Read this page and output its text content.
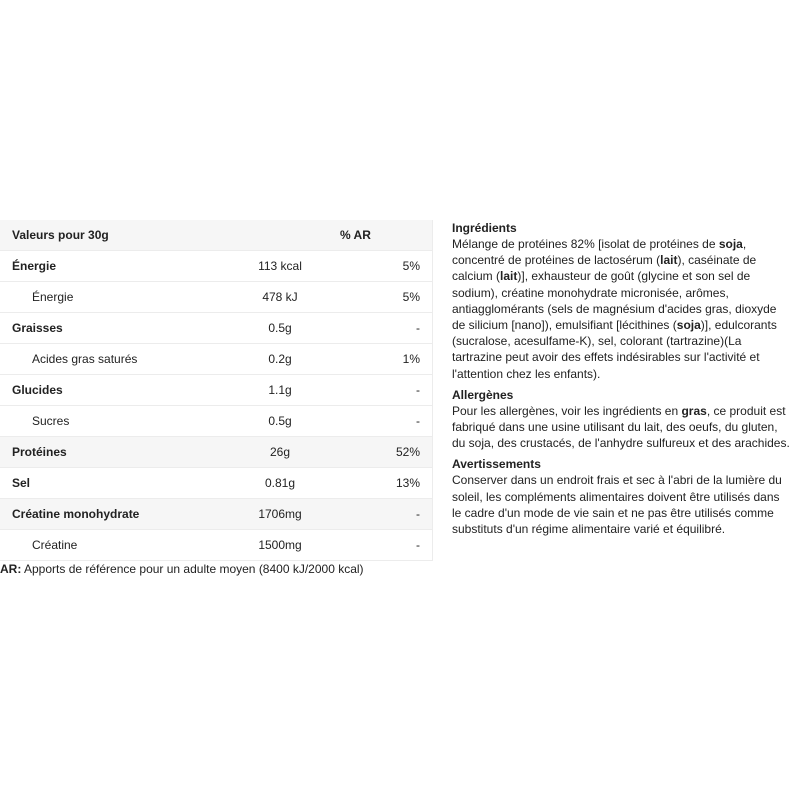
Valeurs pour 30g		% AR
Énergie	113 kcal	5%
Énergie	478 kJ	5%
Graisses	0.5g	-
Acides gras saturés	0.2g	1%
Glucides	1.1g	-
Sucres	0.5g	-
Protéines	26g	52%
Sel	0.81g	13%
Créatine monohydrate	1706mg	-
Créatine	1500mg	-
AR: Apports de référence pour un adulte moyen (8400 kJ/2000 kcal)
Ingrédients

Mélange de protéines 82% [isolat de protéines de soja, concentré de protéines de lactosérum (lait), caséinate de calcium (lait)], exhausteur de goût (glycine et son sel de sodium), créatine monohydrate micronisée, arômes, antiagglomérants (sels de magnésium d'acides gras, dioxyde de silicium [nano]), emulsifiant [lécithines (soja)], edulcorants (sucralose, acesulfame-K), sel, colorant (tartrazine)(La tartrazine peut avoir des effets indésirables sur l'activité et l'attention chez les enfants).

Allergènes

Pour les allergènes, voir les ingrédients en gras, ce produit est fabriqué dans une usine utilisant du lait, des oeufs, du gluten, du soja, des crustacés, de l'anhydre sulfureux et des arachides.

Avertissements

Conserver dans un endroit frais et sec à l'abri de la lumière du soleil, les compléments alimentaires doivent être utilisés dans le cadre d'un mode de vie sain et ne pas être utilisés comme substituts d'un régime alimentaire varié et équilibré.
